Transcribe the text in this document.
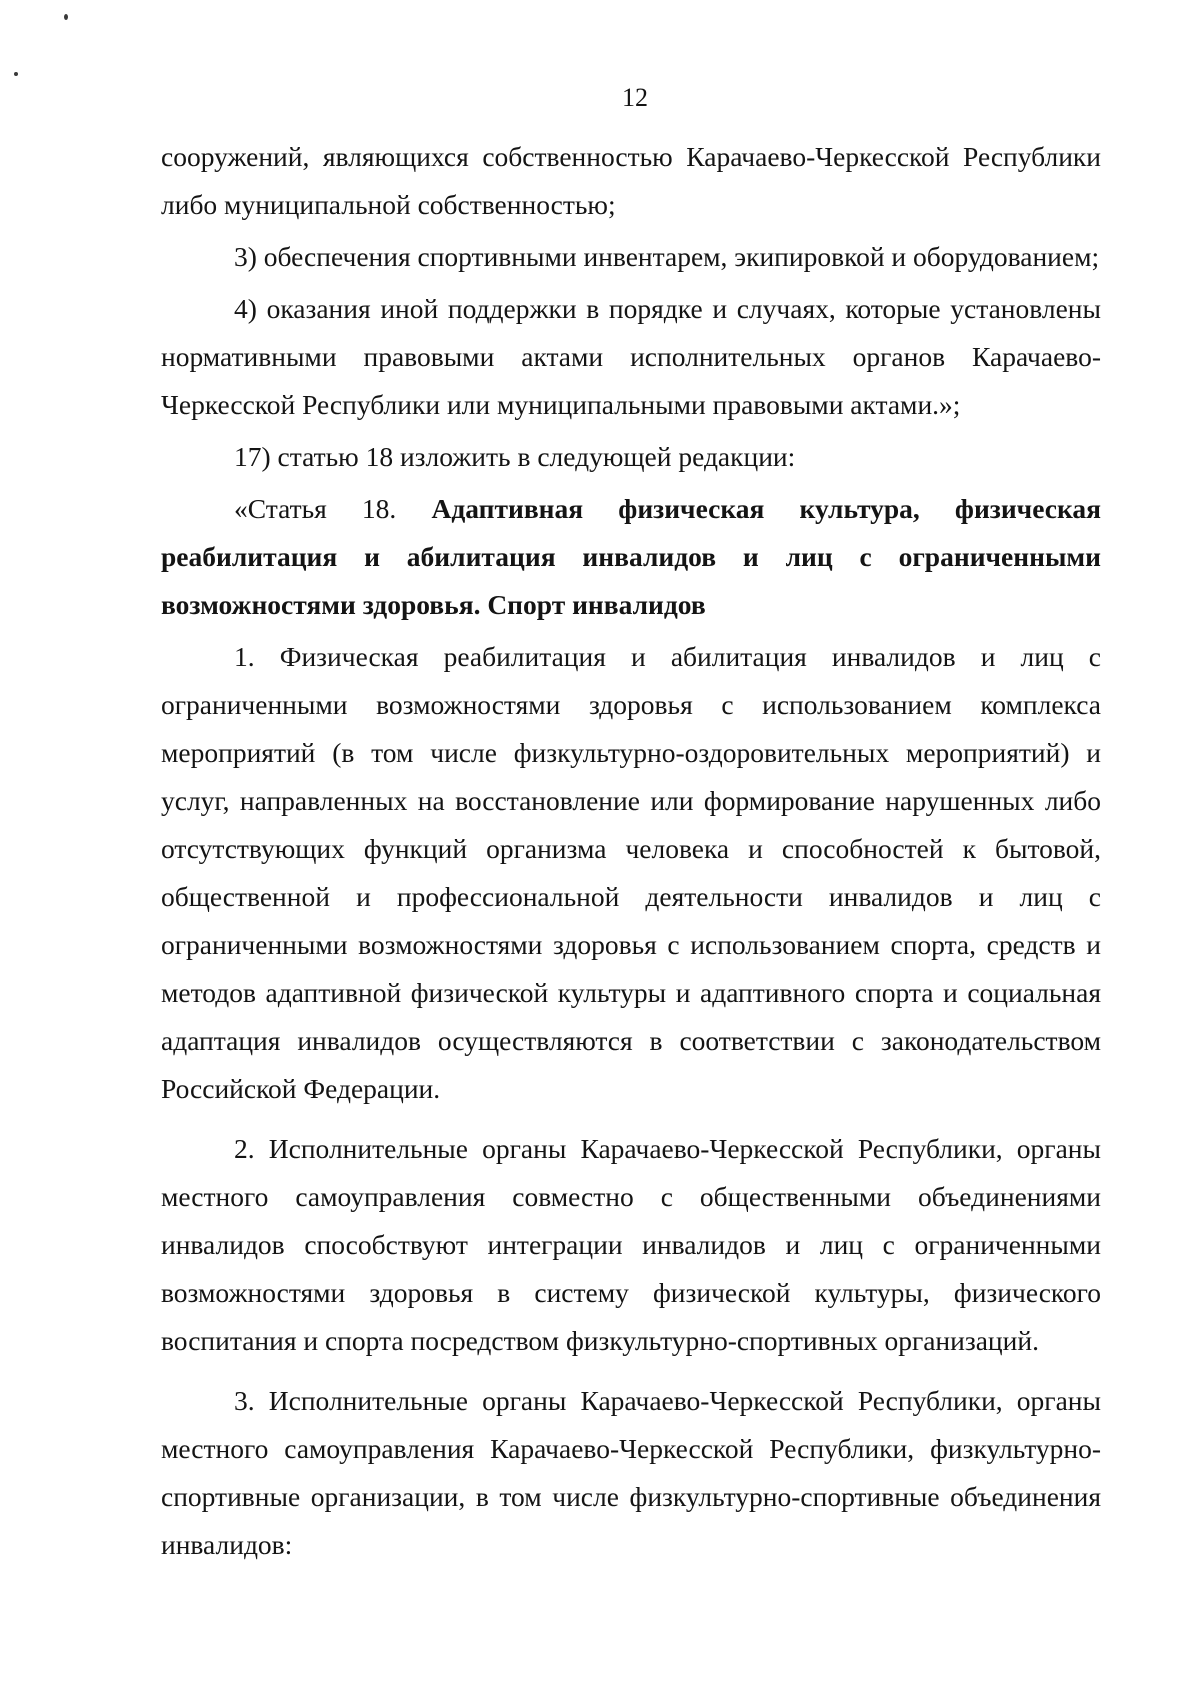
12

сооружений, являющихся собственностью Карачаево-Черкесской Республики либо муниципальной собственностью;

3) обеспечения спортивными инвентарем, экипировкой и оборудованием;

4) оказания иной поддержки в порядке и случаях, которые установлены нормативными правовыми актами исполнительных органов Карачаево-Черкесской Республики или муниципальными правовыми актами.»;

17) статью 18 изложить в следующей редакции:

«Статья 18. Адаптивная физическая культура, физическая реабилитация и абилитация инвалидов и лиц с ограниченными возможностями здоровья. Спорт инвалидов

1. Физическая реабилитация и абилитация инвалидов и лиц с ограниченными возможностями здоровья с использованием комплекса мероприятий (в том числе физкультурно-оздоровительных мероприятий) и услуг, направленных на восстановление или формирование нарушенных либо отсутствующих функций организма человека и способностей к бытовой, общественной и профессиональной деятельности инвалидов и лиц с ограниченными возможностями здоровья с использованием спорта, средств и методов адаптивной физической культуры и адаптивного спорта и социальная адаптация инвалидов осуществляются в соответствии с законодательством Российской Федерации.

2. Исполнительные органы Карачаево-Черкесской Республики, органы местного самоуправления совместно с общественными объединениями инвалидов способствуют интеграции инвалидов и лиц с ограниченными возможностями здоровья в систему физической культуры, физического воспитания и спорта посредством физкультурно-спортивных организаций.

3. Исполнительные органы Карачаево-Черкесской Республики, органы местного самоуправления Карачаево-Черкесской Республики, физкультурно-спортивные организации, в том числе физкультурно-спортивные объединения инвалидов:
